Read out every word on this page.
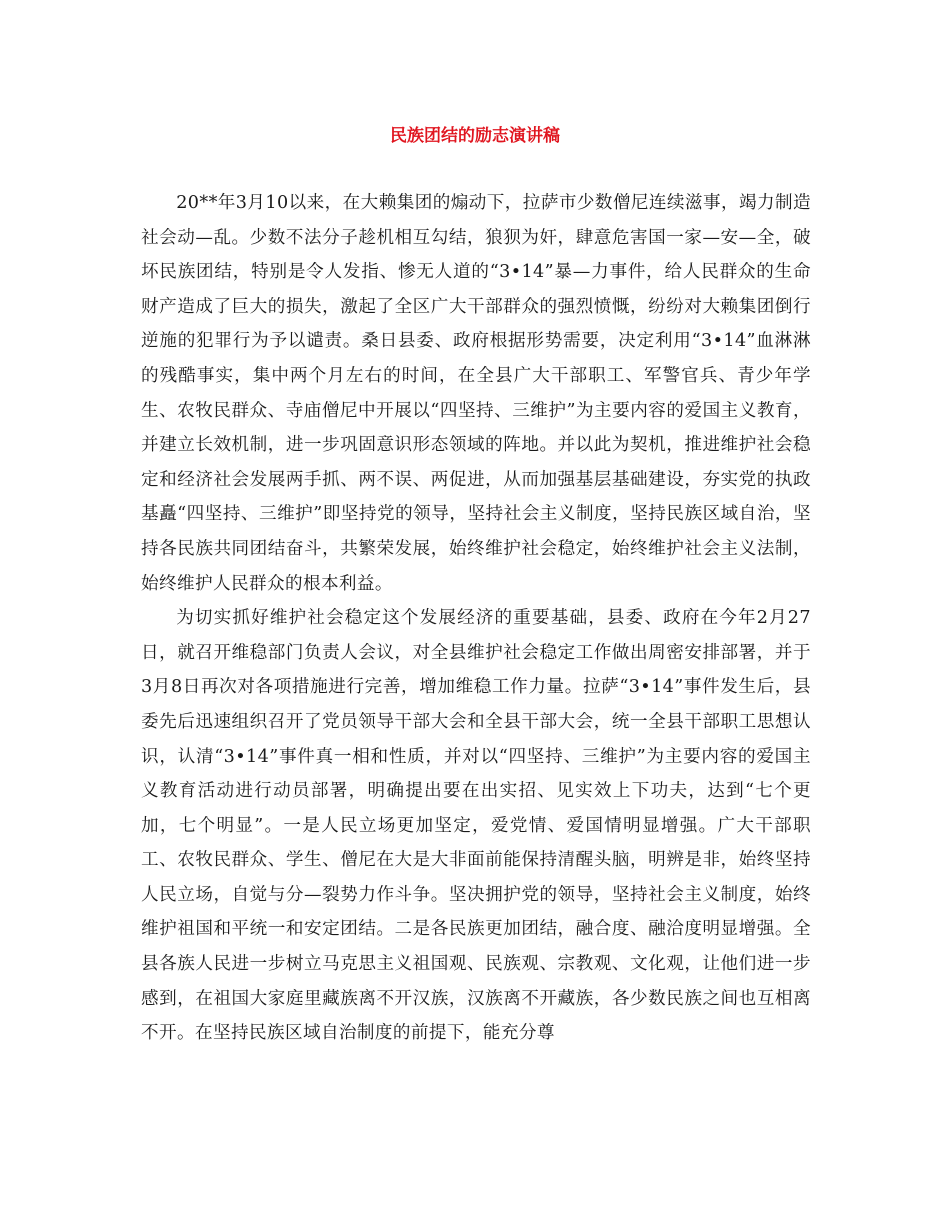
民族团结的励志演讲稿

20**年3月10以来，在大赖集团的煽动下，拉萨市少数僧尼连续滋事，竭力制造社会动—乱。少数不法分子趁机相互勾结，狼狈为奸，肆意危害国一家—安—全，破坏民族团结，特别是令人发指、惨无人道的“3•14”暴—力事件，给人民群众的生命财产造成了巨大的损失，激起了全区广大干部群众的强烈愤慨，纷纷对大赖集团倒行逆施的犯罪行为予以谴责。桑日县委、政府根据形势需要，决定利用“3•14”血淋淋的残酷事实，集中两个月左右的时间，在全县广大干部职工、军警官兵、青少年学生、农牧民群众、寺庙僧尼中开展以“四坚持、三维护”为主要内容的爱国主义教育，并建立长效机制，进一步巩固意识形态领域的阵地。并以此为契机，推进维护社会稳定和经济社会发展两手抓、两不误、两促进，从而加强基层基础建设，夯实党的执政基矗“四坚持、三维护”即坚持党的领导，坚持社会主义制度，坚持民族区域自治，坚持各民族共同团结奋斗，共繁荣发展，始终维护社会稳定，始终维护社会主义法制，始终维护人民群众的根本利益。

为切实抓好维护社会稳定这个发展经济的重要基础，县委、政府在今年2月27日，就召开维稳部门负责人会议，对全县维护社会稳定工作做出周密安排部署，并于3月8日再次对各项措施进行完善，增加维稳工作力量。拉萨“3•14”事件发生后，县委先后迅速组织召开了党员领导干部大会和全县干部大会，统一全县干部职工思想认识，认清“3•14”事件真一相和性质，并对以“四坚持、三维护”为主要内容的爱国主义教育活动进行动员部署，明确提出要在出实招、见实效上下功夫，达到“七个更加，七个明显”。一是人民立场更加坚定，爱党情、爱国情明显增强。广大干部职工、农牧民群众、学生、僧尼在大是大非面前能保持清醒头脑，明辨是非，始终坚持人民立场，自觉与分—裂势力作斗争。坚决拥护党的领导，坚持社会主义制度，始终维护祖国和平统一和安定团结。二是各民族更加团结，融合度、融洽度明显增强。全县各族人民进一步树立马克思主义祖国观、民族观、宗教观、文化观，让他们进一步感到，在祖国大家庭里藏族离不开汉族，汉族离不开藏族，各少数民族之间也互相离不开。在坚持民族区域自治制度的前提下，能充分尊
